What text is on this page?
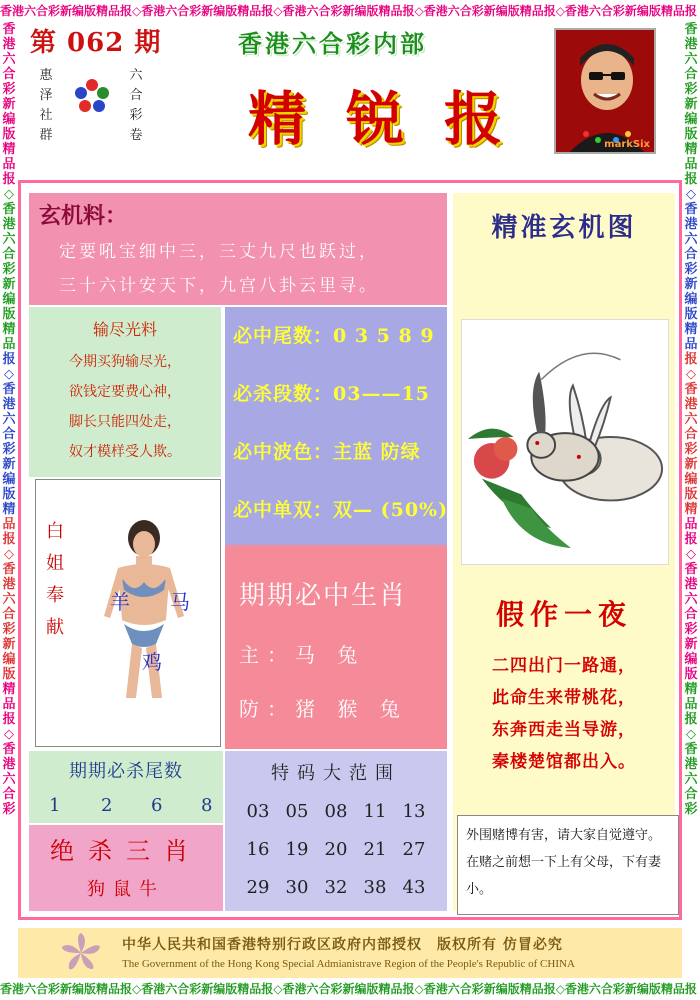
香港六合彩新编版精品报◇香港六合彩新编版精品报◇香港六合彩新编版精品报◇香港六合彩新编版精品报◇香港六合彩新编版精品报
香港六合彩新编版精品报◇香港六合彩新编版精品报◇香港六合彩新编版精品报◇香港六合彩新编版精品报◇香港六合彩新编版精品报
香
港
六
合
彩
新
编
版
精
品
报
◇
香
港
六
合
彩
新
编
版
精
品
报
◇
香
港
六
合
彩
新
编
版
精
品
报
◇
香
港
六
合
彩
新
编
版
精
品
报
◇
香
港
六
合
彩
香
港
六
合
彩
新
编
版
精
品
报
◇
香
港
六
合
彩
新
编
版
精
品
报
◇
香
港
六
合
彩
新
编
版
精
品
报
◇
香
港
六
合
彩
新
编
版
精
品
报
◇
香
港
六
合
彩
第 062 期
惠泽社群
六合彩卷
香港六合彩内部
精锐报	markSix
玄机料：
定要吼宝细中三，三丈九尺也跃过，
三十六计安天下，九宫八卦云里寻。
输尽光料
今期买狗输尽光，
欲钱定要费心神，
脚长只能四处走，
奴才模样受人欺。
必中尾数：0 3 5 8 9
必杀段数：03——15
必中波色：主蓝 防绿
必中单双：双— (50%)
白姐奉献
羊 马
鸡
期期必中生肖
主：马 兔
防：猪 猴 兔
期期必杀尾数
1 2 6 8
绝杀三肖
狗鼠牛
特码大范围
03 05 08 11 13
16 19 20 21 27
29 30 32 38 43
精准玄机图
假作一夜
二四出门一路通，
此命生来带桃花，
东奔西走当导游，
秦楼楚馆都出入。
外围赌博有害，请大家自觉遵守。在赌之前想一下上有父母，下有妻小。
中华人民共和国香港特别行政区政府内部授权　版权所有 仿冒必究
The Government of the Hong Kong Special Admianistrave Region of the People's Republic of CHINA
